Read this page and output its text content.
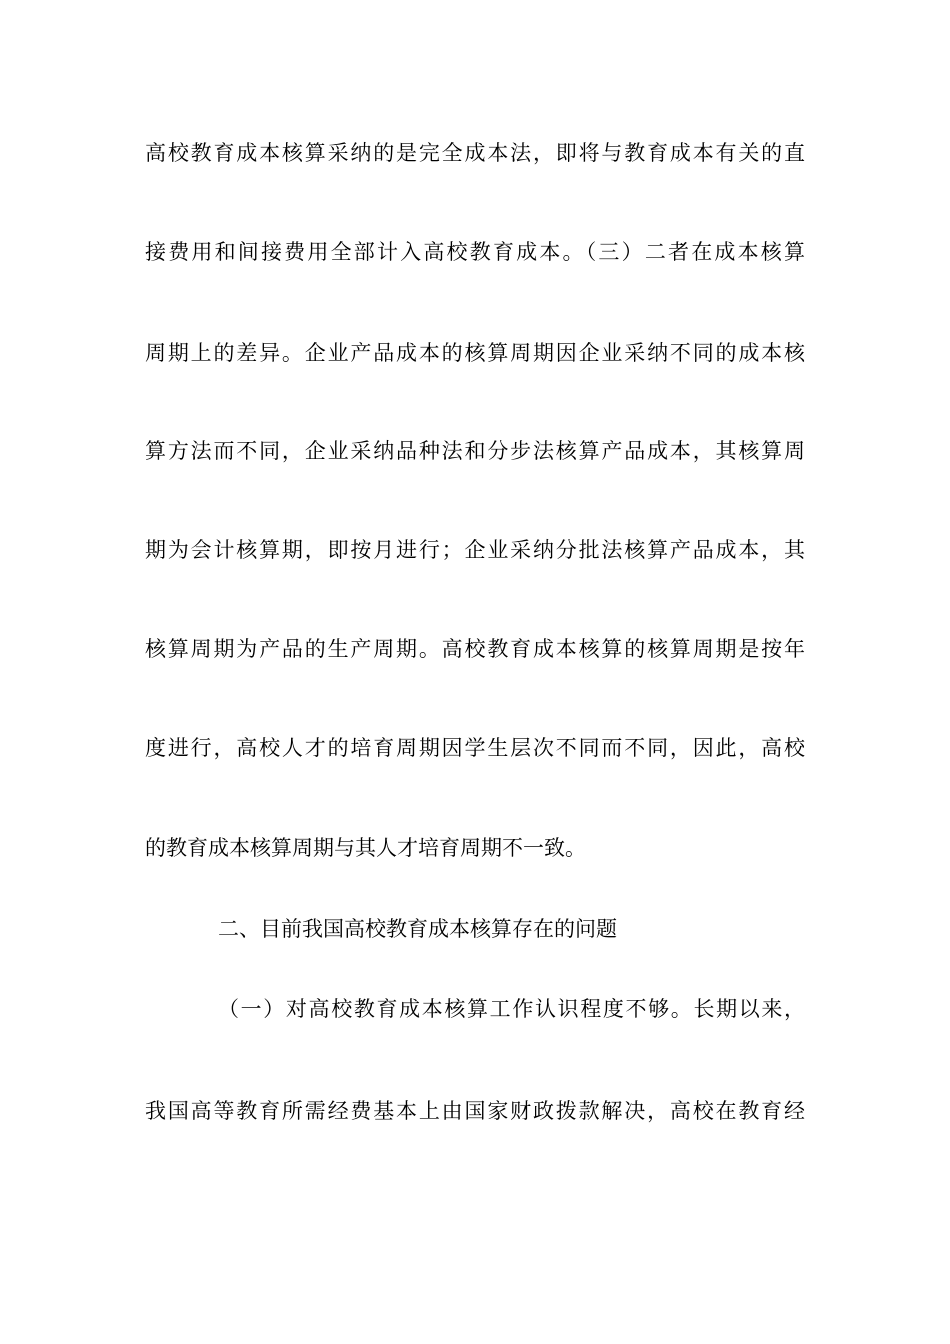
高校教育成本核算采纳的是完全成本法，即将与教育成本有关的直
接费用和间接费用全部计入高校教育成本。（三）二者在成本核算
周期上的差异。企业产品成本的核算周期因企业采纳不同的成本核
算方法而不同，企业采纳品种法和分步法核算产品成本，其核算周
期为会计核算期，即按月进行；企业采纳分批法核算产品成本，其
核算周期为产品的生产周期。高校教育成本核算的核算周期是按年
度进行，高校人才的培育周期因学生层次不同而不同，因此，高校
的教育成本核算周期与其人才培育周期不一致。
二、目前我国高校教育成本核算存在的问题
（一）对高校教育成本核算工作认识程度不够。长期以来，
我国高等教育所需经费基本上由国家财政拨款解决，高校在教育经
